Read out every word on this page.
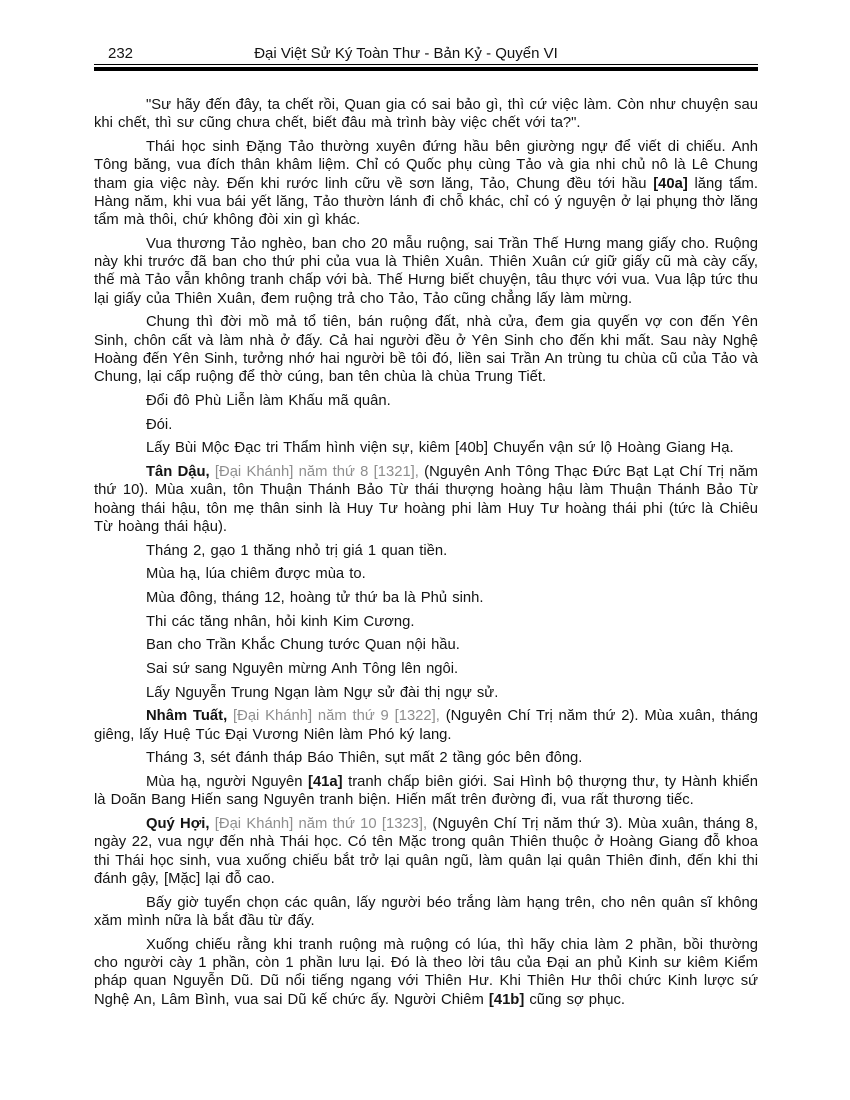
232	Đại Việt Sử Ký Toàn Thư - Bản Kỷ - Quyển VI

"Sư hãy đến đây, ta chết rồi, Quan gia có sai bảo gì, thì cứ việc làm. Còn như chuyện sau khi chết, thì sư cũng chưa chết, biết đâu mà trình bày việc chết với ta?".

Thái học sinh Đặng Tảo thường xuyên đứng hầu bên giường ngự để viết di chiếu. Anh Tông băng, vua đích thân khâm liệm. Chỉ có Quốc phụ cùng Tảo và gia nhi chủ nô là Lê Chung tham gia việc này. Đến khi rước linh cữu về sơn lăng, Tảo, Chung đều tới hầu [40a] lăng tẩm. Hàng năm, khi vua bái yết lăng, Tảo thườn lánh đi chỗ khác, chỉ có ý nguyện ở lại phụng thờ lăng tẩm mà thôi, chứ không đòi xin gì khác.

Vua thương Tảo nghèo, ban cho 20 mẫu ruộng, sai Trần Thế Hưng mang giấy cho. Ruộng này khi trước đã ban cho thứ phi của vua là Thiên Xuân. Thiên Xuân cứ giữ giấy cũ mà cày cấy, thế mà Tảo vẫn không tranh chấp với bà. Thế Hưng biết chuyện, tâu thực với vua. Vua lập tức thu lại giấy của Thiên Xuân, đem ruộng trả cho Tảo, Tảo cũng chẳng lấy làm mừng.

Chung thì đời mồ mả tổ tiên, bán ruộng đất, nhà cửa, đem gia quyến vợ con đến Yên Sinh, chôn cất và làm nhà ở đấy. Cả hai người đều ở Yên Sinh cho đến khi mất. Sau này Nghệ Hoàng đến Yên Sinh, tưởng nhớ hai người bề tôi đó, liền sai Trần An trùng tu chùa cũ của Tảo và Chung, lại cấp ruộng để thờ cúng, ban tên chùa là chùa Trung Tiết.

Đổi đô Phù Liễn làm Khấu mã quân.

Đói.

Lấy Bùi Mộc Đạc tri Thẩm hình viện sự, kiêm [40b] Chuyển vận sứ lộ Hoàng Giang Hạ.

Tân Dậu, [Đại Khánh] năm thứ 8 [1321], (Nguyên Anh Tông Thạc Đức Bạt Lạt Chí Trị năm thứ 10). Mùa xuân, tôn Thuận Thánh Bảo Từ thái thượng hoàng hậu làm Thuận Thánh Bảo Từ hoàng thái hậu, tôn mẹ thân sinh là Huy Tư hoàng phi làm Huy Tư hoàng thái phi (tức là Chiêu Từ hoàng thái hậu).

Tháng 2, gạo 1 thăng nhỏ trị giá 1 quan tiền.

Mùa hạ, lúa chiêm được mùa to.

Mùa đông, tháng 12, hoàng tử thứ ba là Phủ sinh.

Thi các tăng nhân, hỏi kinh Kim Cương.

Ban cho Trần Khắc Chung tước Quan nội hầu.

Sai sứ sang Nguyên mừng Anh Tông lên ngôi.

Lấy Nguyễn Trung Ngạn làm Ngự sử đài thị ngự sử.

Nhâm Tuất, [Đại Khánh] năm thứ 9 [1322], (Nguyên Chí Trị năm thứ 2). Mùa xuân, tháng giêng, lấy Huệ Túc Đại Vương Niên làm Phó ký lang.

Tháng 3, sét đánh tháp Báo Thiên, sụt mất 2 tầng góc bên đông.

Mùa hạ, người Nguyên [41a] tranh chấp biên giới. Sai Hình bộ thượng thư, ty Hành khiển là Doãn Bang Hiến sang Nguyên tranh biện. Hiến mất trên đường đi, vua rất thương tiếc.

Quý Hợi, [Đại Khánh] năm thứ 10 [1323], (Nguyên Chí Trị năm thứ 3). Mùa xuân, tháng 8, ngày 22, vua ngự đến nhà Thái học. Có tên Mặc trong quân Thiên thuộc ở Hoàng Giang đỗ khoa thi Thái học sinh, vua xuống chiếu bắt trở lại quân ngũ, làm quân lại quân Thiên đinh, đến khi thi đánh gậy, [Mặc] lại đỗ cao.

Bấy giờ tuyển chọn các quân, lấy người béo trắng làm hạng trên, cho nên quân sĩ không xăm mình nữa là bắt đầu từ đấy.

Xuống chiếu rằng khi tranh ruộng mà ruộng có lúa, thì hãy chia làm 2 phần, bồi thường cho người cày 1 phần, còn 1 phần lưu lại. Đó là theo lời tâu của Đại an phủ Kinh sư kiêm Kiểm pháp quan Nguyễn Dũ. Dũ nổi tiếng ngang với Thiên Hư. Khi Thiên Hư thôi chức Kinh lược sứ Nghệ An, Lâm Bình, vua sai Dũ kế chức ấy. Người Chiêm [41b] cũng sợ phục.
